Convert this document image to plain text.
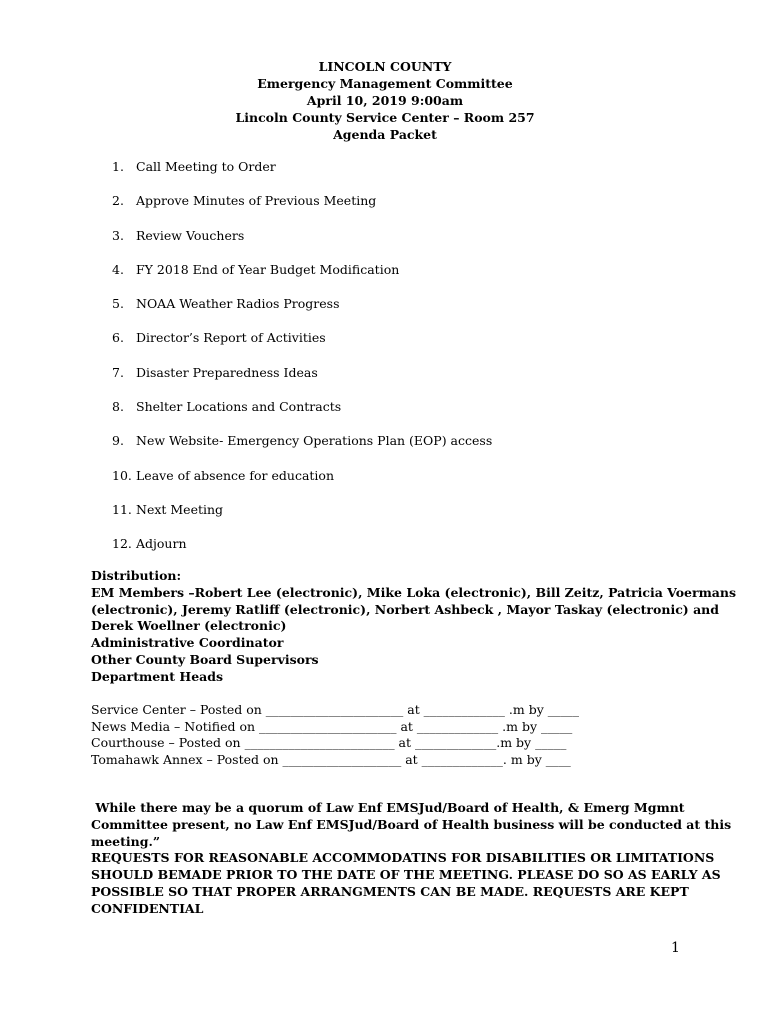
LINCOLN COUNTY
Emergency Management Committee
April 10, 2019 9:00am
Lincoln County Service Center – Room 257
Agenda Packet
1. Call Meeting to Order
2. Approve Minutes of Previous Meeting
3. Review Vouchers
4. FY 2018 End of Year Budget Modification
5. NOAA Weather Radios Progress
6. Director’s Report of Activities
7. Disaster Preparedness Ideas
8. Shelter Locations and Contracts
9. New Website- Emergency Operations Plan (EOP) access
10. Leave of absence for education
11. Next Meeting
12. Adjourn
Distribution:
EM Members –Robert Lee (electronic), Mike Loka (electronic), Bill Zeitz, Patricia Voermans
(electronic), Jeremy Ratliff (electronic), Norbert Ashbeck , Mayor Taskay (electronic) and
Derek Woellner (electronic)
Administrative Coordinator
Other County Board Supervisors
Department Heads
Service Center – Posted on ______________________ at _____________ .m by _____
News Media – Notified on ______________________ at _____________ .m by _____
Courthouse – Posted on ________________________ at _____________.m by _____
Tomahawk Annex – Posted on ___________________ at _____________. m by ____
While there may be a quorum of Law Enf EMSJud/Board of Health, & Emerg Mgmnt
Committee present, no Law Enf EMSJud/Board of Health business will be conducted at this
meeting.”
REQUESTS FOR REASONABLE ACCOMMODATINS FOR DISABILITIES OR LIMITATIONS
SHOULD BEMADE PRIOR TO THE DATE OF THE MEETING. PLEASE DO SO AS EARLY AS
POSSIBLE SO THAT PROPER ARRANGMENTS CAN BE MADE. REQUESTS ARE KEPT
CONFIDENTIAL
1
